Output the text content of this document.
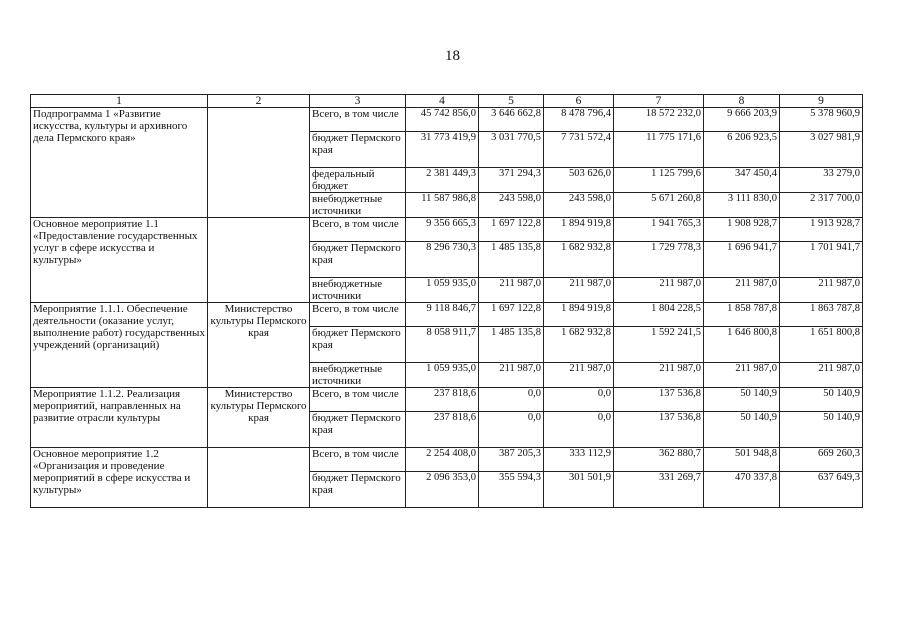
18
1	2	3	4	5	6	7	8	9
Подпрограмма 1 «Развитие искусства, культуры и архивного дела Пермского края»		Всего, в том числе	45 742 856,0	3 646 662,8	8 478 796,4	18 572 232,0	9 666 203,9	5 378 960,9
		бюджет Пермского края	31 773 419,9	3 031 770,5	7 731 572,4	11 775 171,6	6 206 923,5	3 027 981,9
		федеральный бюджет	2 381 449,3	371 294,3	503 626,0	1 125 799,6	347 450,4	33 279,0
		внебюджетные источники	11 587 986,8	243 598,0	243 598,0	5 671 260,8	3 111 830,0	2 317 700,0
Основное мероприятие 1.1 «Предоставление государственных услуг в сфере искусства и культуры»		Всего, в том числе	9 356 665,3	1 697 122,8	1 894 919,8	1 941 765,3	1 908 928,7	1 913 928,7
		бюджет Пермского края	8 296 730,3	1 485 135,8	1 682 932,8	1 729 778,3	1 696 941,7	1 701 941,7
		внебюджетные источники	1 059 935,0	211 987,0	211 987,0	211 987,0	211 987,0	211 987,0
Мероприятие 1.1.1. Обеспечение деятельности (оказание услуг, выполнение работ) государственных учреждений (организаций)	Министерство культуры Пермского края	Всего, в том числе	9 118 846,7	1 697 122,8	1 894 919,8	1 804 228,5	1 858 787,8	1 863 787,8
		бюджет Пермского края	8 058 911,7	1 485 135,8	1 682 932,8	1 592 241,5	1 646 800,8	1 651 800,8
		внебюджетные источники	1 059 935,0	211 987,0	211 987,0	211 987,0	211 987,0	211 987,0
Мероприятие 1.1.2. Реализация мероприятий, направленных на развитие отрасли культуры	Министерство культуры Пермского края	Всего, в том числе	237 818,6	0,0	0,0	137 536,8	50 140,9	50 140,9
		бюджет Пермского края	237 818,6	0,0	0,0	137 536,8	50 140,9	50 140,9
Основное мероприятие 1.2 «Организация и проведение мероприятий в сфере искусства и культуры»		Всего, в том числе	2 254 408,0	387 205,3	333 112,9	362 880,7	501 948,8	669 260,3
		бюджет Пермского края	2 096 353,0	355 594,3	301 501,9	331 269,7	470 337,8	637 649,3
